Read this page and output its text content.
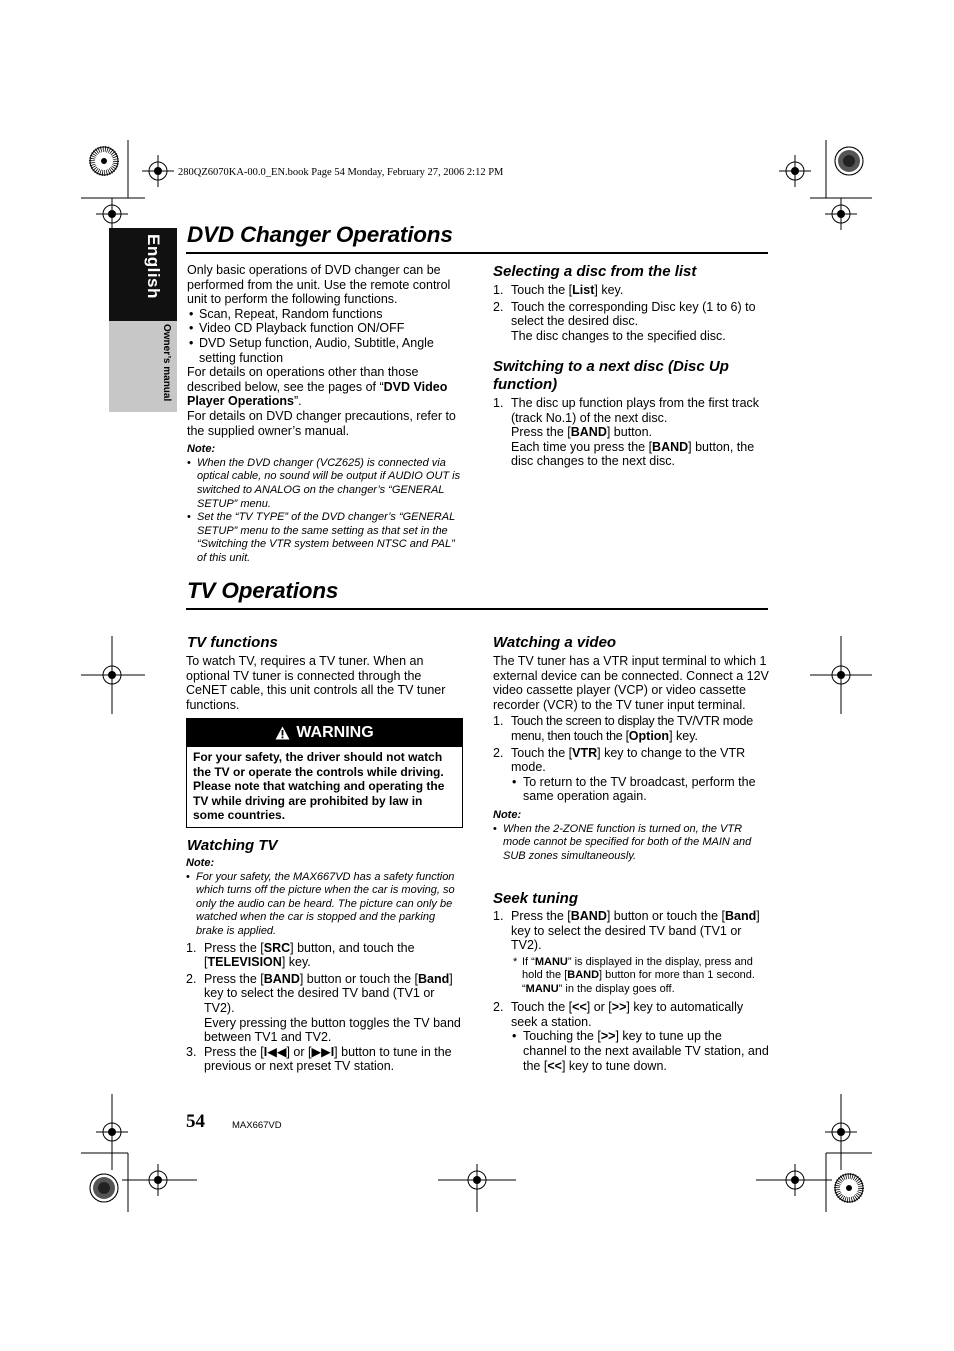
280QZ6070KA-00.0_EN.book Page 54 Monday, February 27, 2006 2:12 PM
English
Owner’s manual
DVD Changer Operations

Only basic operations of DVD changer can be performed from the unit. Use the remote control unit to perform the following functions.

• Scan, Repeat, Random functions
• Video CD Playback function ON/OFF
• DVD Setup function, Audio, Subtitle, Angle setting function

For details on operations other than those described below, see the pages of “DVD Video Player Operations”.

For details on DVD changer precautions, refer to the supplied owner’s manual.

Note:
• When the DVD changer (VCZ625) is connected via optical cable, no sound will be output if AUDIO OUT is switched to ANALOG on the changer’s “GENERAL SETUP” menu.
• Set the “TV TYPE” of the DVD changer’s “GENERAL SETUP” menu to the same setting as that set in the “Switching the VTR system between NTSC and PAL” of this unit.
Selecting a disc from the list
1. Touch the [List] key.
2. Touch the corresponding Disc key (1 to 6) to select the desired disc.
The disc changes to the specified disc.
Switching to a next disc (Disc Up function)
1. The disc up function plays from the first track (track No.1) of the next disc.
Press the [BAND] button.
Each time you press the [BAND] button, the disc changes to the next disc.
TV Operations
TV functions
To watch TV, requires a TV tuner. When an optional TV tuner is connected through the CeNET cable, this unit controls all the TV tuner functions.
WARNING
For your safety, the driver should not watch the TV or operate the controls while driving. Please note that watching and operating the TV while driving are prohibited by law in some countries.
Watching TV
Note:
• For your safety, the MAX667VD has a safety function which turns off the picture when the car is moving, so only the audio can be heard. The picture can only be watched when the car is stopped and the parking brake is applied.
1. Press the [SRC] button, and touch the [TELEVISION] key.
2. Press the [BAND] button or touch the [Band] key to select the desired TV band (TV1 or TV2).
Every pressing the button toggles the TV band between TV1 and TV2.
3. Press the [I◀◀] or [▶▶I] button to tune in the previous or next preset TV station.
Watching a video

The TV tuner has a VTR input terminal to which 1 external device can be connected. Connect a 12V video cassette player (VCP) or video cassette recorder (VCR) to the TV tuner input terminal.

1. Touch the screen to display the TV/VTR mode menu, then touch the [Option] key.
2. Touch the [VTR] key to change to the VTR mode.
• To return to the TV broadcast, perform the same operation again.
Note:
• When the 2-ZONE function is turned on, the VTR mode cannot be specified for both of the MAIN and SUB zones simultaneously.
Seek tuning
1. Press the [BAND] button or touch the [Band] key to select the desired TV band (TV1 or TV2).
* If “MANU” is displayed in the display, press and hold the [BAND] button for more than 1 second. “MANU” in the display goes off.
2. Touch the [<<] or [>>] key to automatically seek a station.
• Touching the [>>] key to tune up the channel to the next available TV station, and the [<<] key to tune down.
54	MAX667VD
